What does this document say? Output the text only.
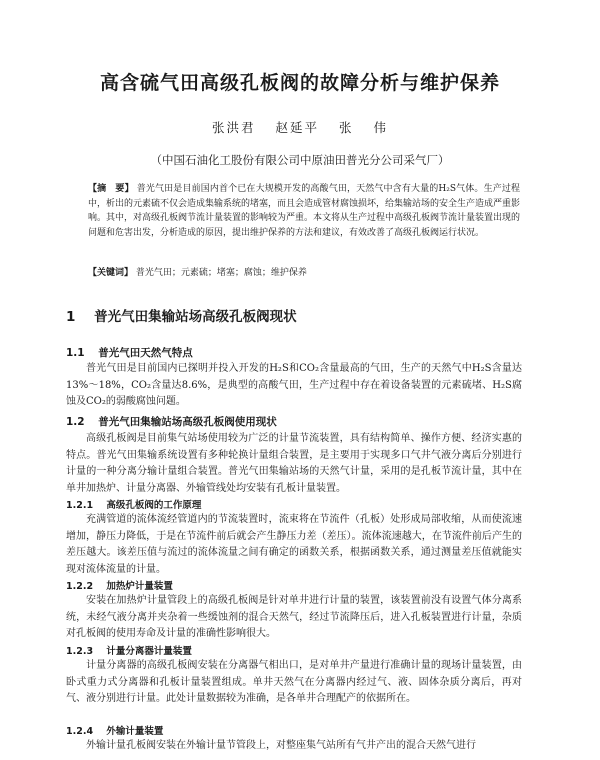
高含硫气田高级孔板阀的故障分析与维护保养
张洪君 赵延平 张 伟
（中国石油化工股份有限公司中原油田普光分公司采气厂）
【摘　要】 普光气田是目前国内首个已在大规模开发的高酸气田，天然气中含有大量的H₂S气体。生产过程中，析出的元素硫不仅会造成集输系统的堵塞，而且会造成管材腐蚀损坏，给集输站场的安全生产造成严重影响。其中，对高级孔板阀节流计量装置的影响较为严重。本文将从生产过程中高级孔板阀节流计量装置出现的问题和危害出发，分析造成的原因，提出维护保养的方法和建议，有效改善了高级孔板阀运行状况。
【关键词】 普光气田；元素硫；堵塞；腐蚀；维护保养
1 普光气田集输站场高级孔板阀现状
1.1 普光气田天然气特点

普光气田是目前国内已探明并投入开发的H₂S和CO₂含量最高的气田，生产的天然气中H₂S含量达13%～18%，CO₂含量达8.6%，是典型的高酸气田，生产过程中存在着设备装置的元素硫堵、H₂S腐蚀及CO₂的弱酸腐蚀问题。

1.2 普光气田集输站场高级孔板阀使用现状

高级孔板阀是目前集气站场使用较为广泛的计量节流装置，具有结构简单、操作方便、经济实惠的特点。普光气田集输系统设置有多种轮换计量组合装置，是主要用于实现多口气井气液分离后分别进行计量的一种分离分输计量组合装置。普光气田集输站场的天然气计量，采用的是孔板节流计量，其中在单井加热炉、计量分离器、外输管线处均安装有孔板计量装置。

1.2.1 高级孔板阀的工作原理

充满管道的流体流经管道内的节流装置时，流束将在节流件（孔板）处形成局部收缩，从而使流速增加，静压力降低，于是在节流件前后就会产生静压力差（差压）。流体流速越大，在节流件前后产生的差压越大。该差压值与流过的流体流量之间有确定的函数关系，根据函数关系，通过测量差压值就能实现对流体流量的计量。

1.2.2 加热炉计量装置

安装在加热炉计量管段上的高级孔板阀是针对单井进行计量的装置，该装置前没有设置气体分离系统，未经气液分离并夹杂着一些缓蚀剂的混合天然气，经过节流降压后，进入孔板装置进行计量，杂质对孔板阀的使用寿命及计量的准确性影响很大。

1.2.3 计量分离器计量装置

计量分离器的高级孔板阀安装在分离器气相出口，是对单井产量进行准确计量的现场计量装置，由卧式重力式分离器和孔板计量装置组成。单井天然气在分离器内经过气、液、固体杂质分离后，再对气、液分别进行计量。此处计量数据较为准确，是各单井合理配产的依据所在。

1.2.4 外输计量装置

外输计量孔板阀安装在外输计量节管段上，对整座集气站所有气井产出的混合天然气进行
